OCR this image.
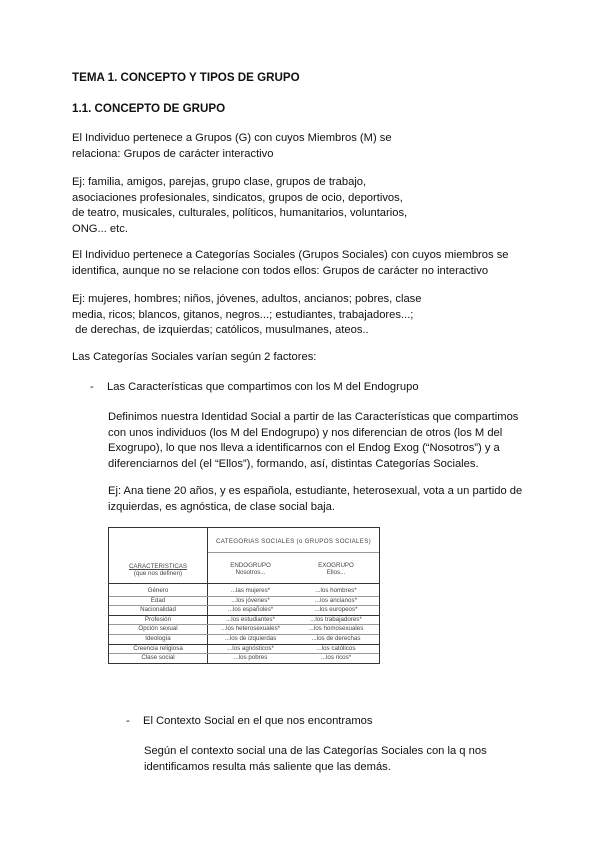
TEMA 1. CONCEPTO Y TIPOS DE GRUPO
1.1. CONCEPTO DE GRUPO
El Individuo pertenece a Grupos (G) con cuyos Miembros (M) se
relaciona: Grupos de carácter interactivo
Ej: familia, amigos, parejas, grupo clase, grupos de trabajo,
asociaciones profesionales, sindicatos, grupos de ocio, deportivos,
de teatro, musicales, culturales, políticos, humanitarios, voluntarios,
ONG... etc.
El Individuo pertenece a Categorías Sociales (Grupos Sociales) con cuyos miembros se
identifica, aunque no se relacione con todos ellos: Grupos de carácter no interactivo
Ej: mujeres, hombres; niños, jóvenes, adultos, ancianos; pobres, clase
media, ricos; blancos, gitanos, negros...; estudiantes, trabajadores...;
de derechas, de izquierdas; católicos, musulmanes, ateos..
Las Categorías Sociales varían según 2 factores:
- Las Características que compartimos con los M del Endogrupo
Definimos nuestra Identidad Social a partir de las Características que compartimos
con unos individuos (los M del Endogrupo) y nos diferencian de otros (los M del
Exogrupo), lo que nos lleva a identificarnos con el Endog Exog (“Nosotros”) y a
diferenciarnos del (el “Ellos”), formando, así, distintas Categorías Sociales.
Ej: Ana tiene 20 años, y es española, estudiante, heterosexual, vota a un partido de
izquierdas, es agnóstica, de clase social baja.
CATEGORIAS SOCIALES (o GRUPOS SOCIALES)
CARACTERISTICAS
(que nos definen)
ENDOGRUPO
Nosotros...
EXOGRUPO
Ellos...
Género	...las mujeres*	...los hombres*
Edad	...los jóvenes*	...los ancianos*
Nacionalidad	...los españoles*	...los europeos*
Profesión	...los estudiantes*	...los trabajadores*
Opción sexual	...los heterosexuales*	...los homosexuales
Ideología	...los de izquierdas	...los de derechas
Creencia religiosa	...los agnósticos*	...los católicos
Clase social	...los pobres	...los ricos*
- El Contexto Social en el que nos encontramos
Según el contexto social una de las Categorías Sociales con la q nos
identificamos resulta más saliente que las demás.
